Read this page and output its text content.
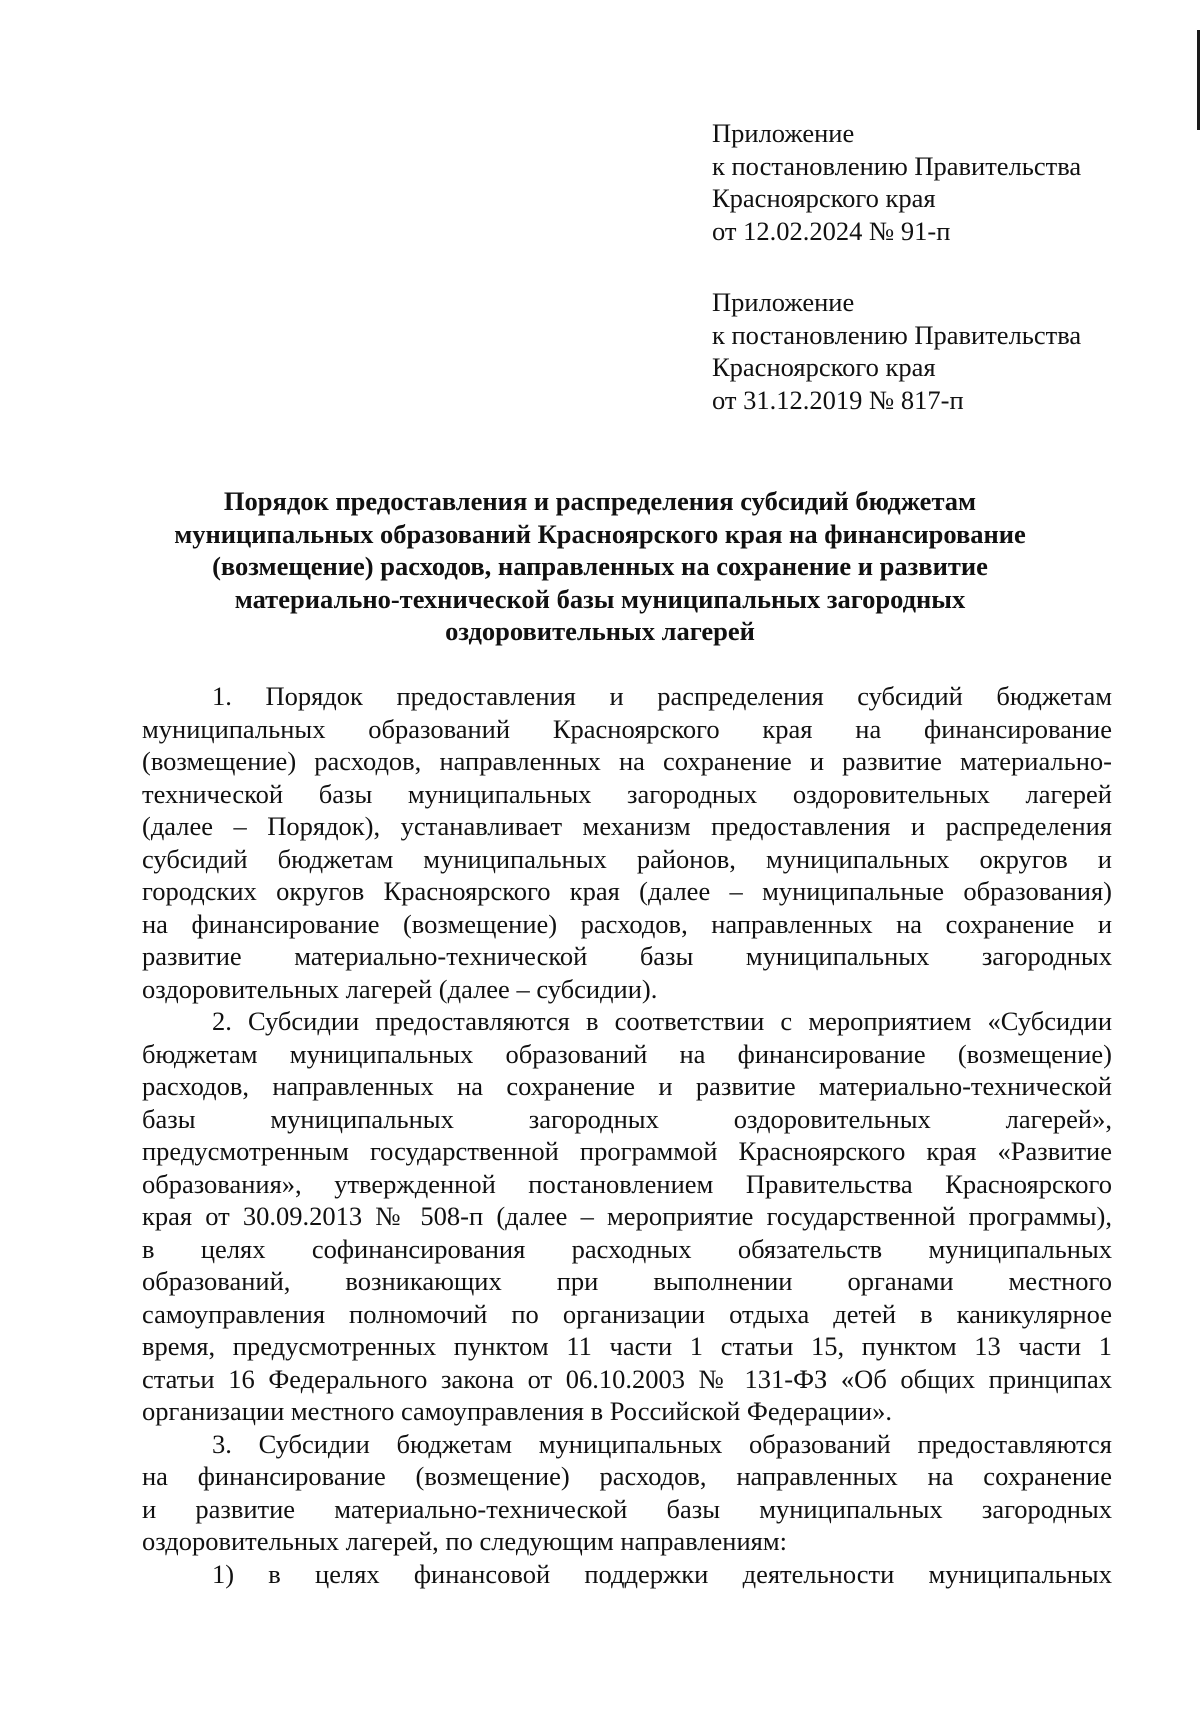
Приложение
к постановлению Правительства
Красноярского края
от 12.02.2024 № 91-п
Приложение
к постановлению Правительства
Красноярского края
от 31.12.2019 № 817-п
Порядок предоставления и распределения субсидий бюджетам
муниципальных образований Красноярского края на финансирование
(возмещение) расходов, направленных на сохранение и развитие
материально-технической базы муниципальных загородных
оздоровительных лагерей
1. Порядок предоставления и распределения субсидий бюджетам
муниципальных образований Красноярского края на финансирование
(возмещение) расходов, направленных на сохранение и развитие материально-
технической базы муниципальных загородных оздоровительных лагерей
(далее – Порядок), устанавливает механизм предоставления и распределения
субсидий бюджетам муниципальных районов, муниципальных округов и
городских округов Красноярского края (далее – муниципальные образования)
на финансирование (возмещение) расходов, направленных на сохранение и
развитие материально-технической базы муниципальных загородных
оздоровительных лагерей (далее – субсидии).
2. Субсидии предоставляются в соответствии с мероприятием «Субсидии
бюджетам муниципальных образований на финансирование (возмещение)
расходов, направленных на сохранение и развитие материально-технической
базы муниципальных загородных оздоровительных лагерей»,
предусмотренным государственной программой Красноярского края «Развитие
образования», утвержденной постановлением Правительства Красноярского
края от 30.09.2013 № 508-п (далее – мероприятие государственной программы),
в целях софинансирования расходных обязательств муниципальных
образований, возникающих при выполнении органами местного
самоуправления полномочий по организации отдыха детей в каникулярное
время, предусмотренных пунктом 11 части 1 статьи 15, пунктом 13 части 1
статьи 16 Федерального закона от 06.10.2003 № 131-ФЗ «Об общих принципах
организации местного самоуправления в Российской Федерации».
3. Субсидии бюджетам муниципальных образований предоставляются
на финансирование (возмещение) расходов, направленных на сохранение
и развитие материально-технической базы муниципальных загородных
оздоровительных лагерей, по следующим направлениям:
1) в целях финансовой поддержки деятельности муниципальных
